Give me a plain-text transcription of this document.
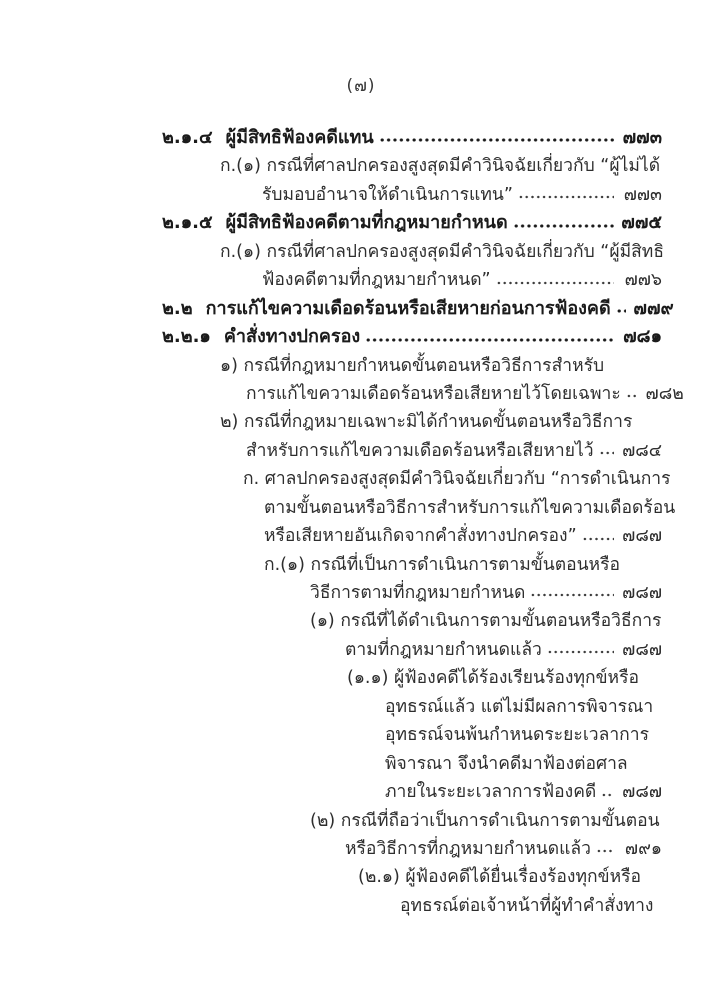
(๗)
๒.๑.๔ ผู้มีสิทธิฟ้องคดีแทน	๗๗๓
ก.(๑) กรณีที่ศาลปกครองสูงสุดมีคำวินิจฉัยเกี่ยวกับ “ผู้ไม่ได้
รับมอบอำนาจให้ดำเนินการแทน”	๗๗๓
๒.๑.๕ ผู้มีสิทธิฟ้องคดีตามที่กฎหมายกำหนด	๗๗๕
ก.(๑) กรณีที่ศาลปกครองสูงสุดมีคำวินิจฉัยเกี่ยวกับ “ผู้มีสิทธิ
ฟ้องคดีตามที่กฎหมายกำหนด”	๗๗๖
๒.๒ การแก้ไขความเดือดร้อนหรือเสียหายก่อนการฟ้องคดี ๗๗๙
๒.๒.๑ คำสั่งทางปกครอง	๗๘๑
๑) กรณีที่กฎหมายกำหนดขั้นตอนหรือวิธีการสำหรับ
การแก้ไขความเดือดร้อนหรือเสียหายไว้โดยเฉพาะ ๗๘๒
๒) กรณีที่กฎหมายเฉพาะมิได้กำหนดขั้นตอนหรือวิธีการ
สำหรับการแก้ไขความเดือดร้อนหรือเสียหายไว้ ๗๘๔
ก. ศาลปกครองสูงสุดมีคำวินิจฉัยเกี่ยวกับ “การดำเนินการ
ตามขั้นตอนหรือวิธีการสำหรับการแก้ไขความเดือดร้อน
หรือเสียหายอันเกิดจากคำสั่งทางปกครอง”	๗๘๗
ก.(๑) กรณีที่เป็นการดำเนินการตามขั้นตอนหรือ
วิธีการตามที่กฎหมายกำหนด	๗๘๗
(๑) กรณีที่ได้ดำเนินการตามขั้นตอนหรือวิธีการ
ตามที่กฎหมายกำหนดแล้ว	๗๘๗
(๑.๑) ผู้ฟ้องคดีได้ร้องเรียนร้องทุกข์หรือ
อุทธรณ์แล้ว แต่ไม่มีผลการพิจารณา
อุทธรณ์จนพ้นกำหนดระยะเวลาการ
พิจารณา จึงนำคดีมาฟ้องต่อศาล
ภายในระยะเวลาการฟ้องคดี ๗๘๗
(๒) กรณีที่ถือว่าเป็นการดำเนินการตามขั้นตอน
หรือวิธีการที่กฎหมายกำหนดแล้ว ๗๙๑
(๒.๑) ผู้ฟ้องคดีได้ยื่นเรื่องร้องทุกข์หรือ
อุทธรณ์ต่อเจ้าหน้าที่ผู้ทำคำสั่งทาง
